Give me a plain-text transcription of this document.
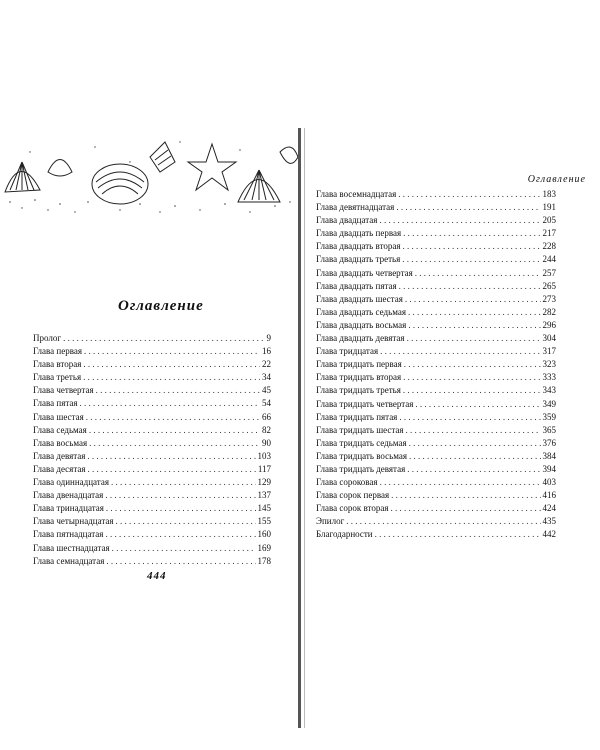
Оглавление
Пролог . . .	9
Глава первая . . .	16
Глава вторая . . .	22
Глава третья . . .	34
Глава четвертая . . .	45
Глава пятая . . .	54
Глава шестая . . .	66
Глава седьмая . . .	82
Глава восьмая . . .	90
Глава девятая . . .	103
Глава десятая . . .	117
Глава одиннадцатая . . .	129
Глава двенадцатая . . .	137
Глава тринадцатая . . .	145
Глава четырнадцатая . . .	155
Глава пятнадцатая . . .	160
Глава шестнадцатая . . .	169
Глава семнадцатая . . .	178
444
Оглавление
Глава восемнадцатая . . .	183
Глава девятнадцатая . . .	191
Глава двадцатая . . .	205
Глава двадцать первая . . .	217
Глава двадцать вторая . . .	228
Глава двадцать третья . . .	244
Глава двадцать четвертая . . .	257
Глава двадцать пятая . . .	265
Глава двадцать шестая . . .	273
Глава двадцать седьмая . . .	282
Глава двадцать восьмая . . .	296
Глава двадцать девятая . . .	304
Глава тридцатая . . .	317
Глава тридцать первая . . .	323
Глава тридцать вторая . . .	333
Глава тридцать третья . . .	343
Глава тридцать четвертая . . .	349
Глава тридцать пятая . . .	359
Глава тридцать шестая . . .	365
Глава тридцать седьмая . . .	376
Глава тридцать восьмая . . .	384
Глава тридцать девятая . . .	394
Глава сороковая . . .	403
Глава сорок первая . . .	416
Глава сорок вторая . . .	424
Эпилог . . .	435
Благодарности . . .	442
